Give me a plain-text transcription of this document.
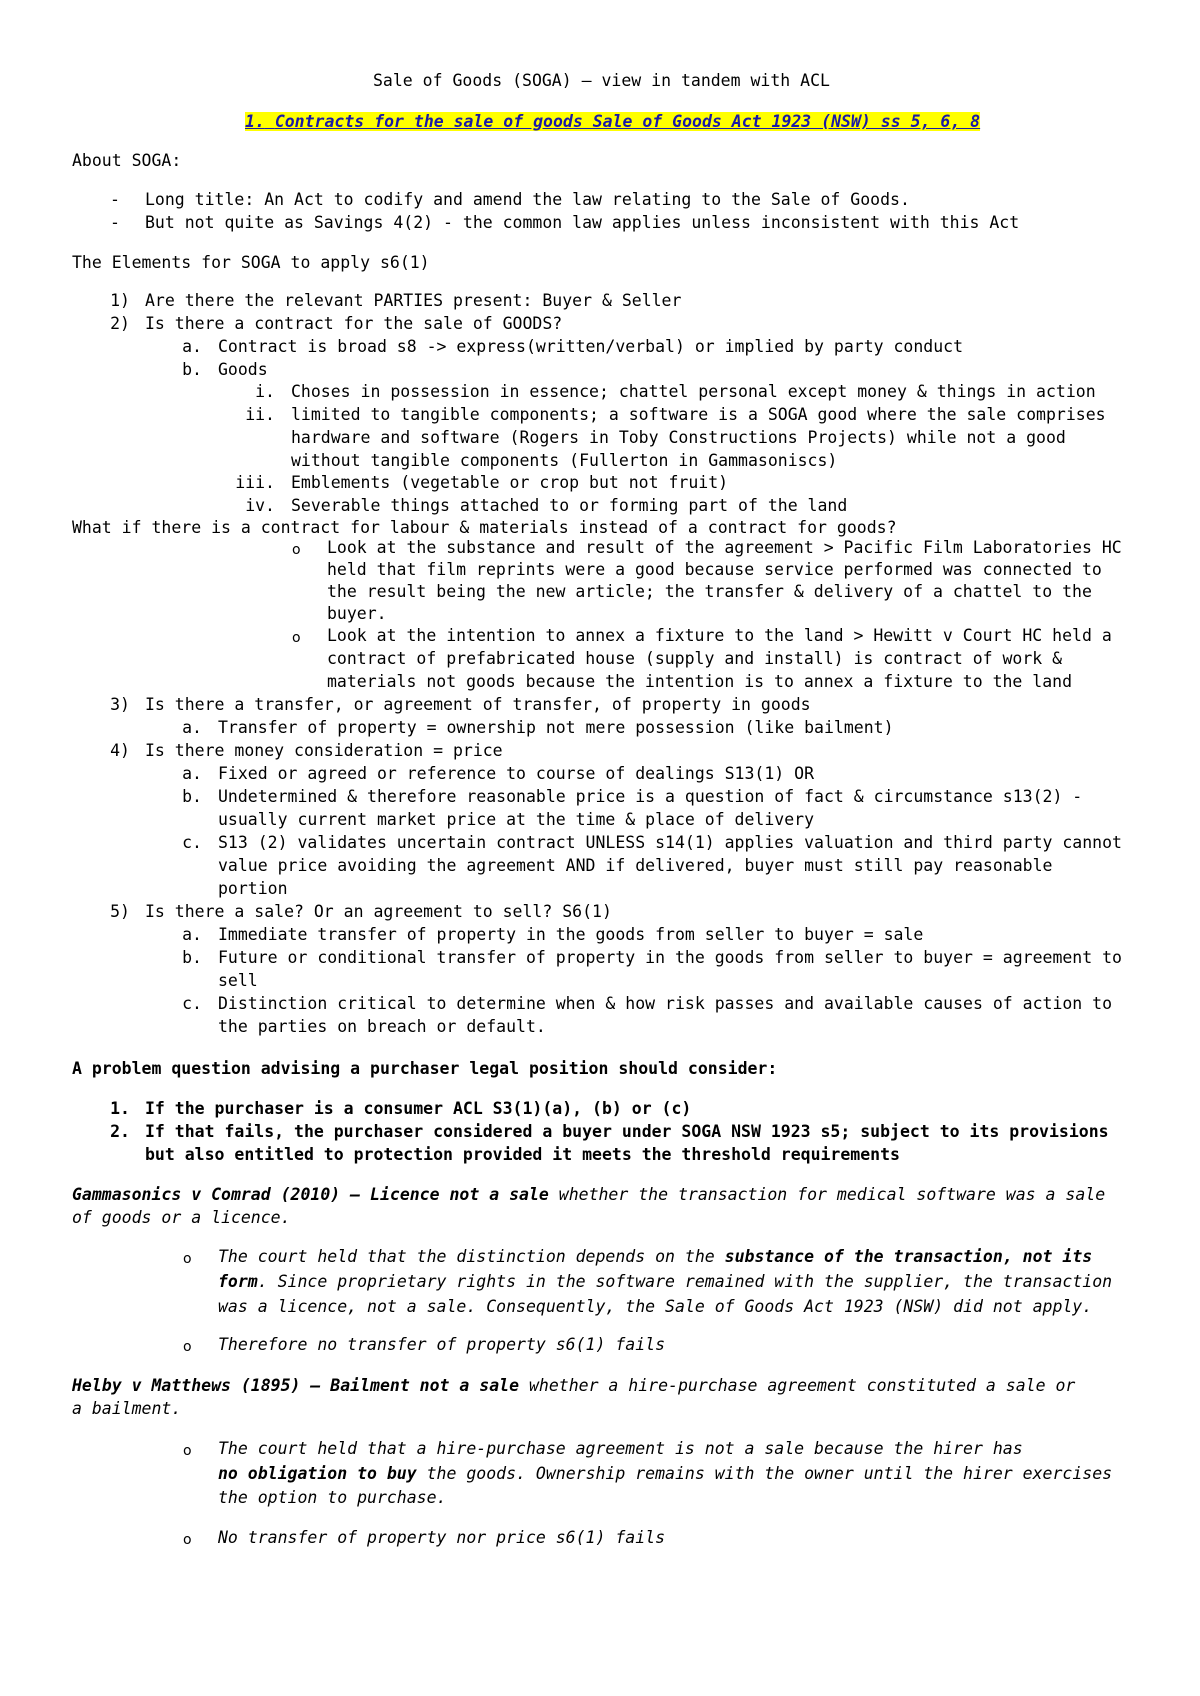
Sale of Goods (SOGA) – view in tandem with ACL
1. Contracts for the sale of goods Sale of Goods Act 1923 (NSW) ss 5, 6, 8
About SOGA:
- Long title: An Act to codify and amend the law relating to the Sale of Goods.
- But not quite as Savings 4(2) - the common law applies unless inconsistent with this Act
The Elements for SOGA to apply s6(1)
1) Are there the relevant PARTIES present: Buyer & Seller
2) Is there a contract for the sale of GOODS?
a. Contract is broad s8 -> express(written/verbal) or implied by party conduct
b. Goods
i. Choses in possession in essence; chattel personal except money & things in action
ii. limited to tangible components; a software is a SOGA good where the sale comprises
hardware and software (Rogers in Toby Constructions Projects) while not a good
without tangible components (Fullerton in Gammasoniscs)
iii. Emblements (vegetable or crop but not fruit)
iv. Severable things attached to or forming part of the land
What if there is a contract for labour & materials instead of a contract for goods?
o Look at the substance and result of the agreement > Pacific Film Laboratories HC
held that film reprints were a good because service performed was connected to
the result being the new article; the transfer & delivery of a chattel to the
buyer.
o Look at the intention to annex a fixture to the land > Hewitt v Court HC held a
contract of prefabricated house (supply and install) is contract of work &
materials not goods because the intention is to annex a fixture to the land
3) Is there a transfer, or agreement of transfer, of property in goods
a. Transfer of property = ownership not mere possession (like bailment)
4) Is there money consideration = price
a. Fixed or agreed or reference to course of dealings S13(1) OR
b. Undetermined & therefore reasonable price is a question of fact & circumstance s13(2) -
usually current market price at the time & place of delivery
c. S13 (2) validates uncertain contract UNLESS s14(1) applies valuation and third party cannot
value price avoiding the agreement AND if delivered, buyer must still pay reasonable
portion
5) Is there a sale? Or an agreement to sell? S6(1)
a. Immediate transfer of property in the goods from seller to buyer = sale
b. Future or conditional transfer of property in the goods from seller to buyer = agreement to
sell
c. Distinction critical to determine when & how risk passes and available causes of action to
the parties on breach or default.
A problem question advising a purchaser legal position should consider:
1. If the purchaser is a consumer ACL S3(1)(a), (b) or (c)
2. If that fails, the purchaser considered a buyer under SOGA NSW 1923 s5; subject to its provisions
but also entitled to protection provided it meets the threshold requirements
Gammasonics v Comrad (2010) – Licence not a sale whether the transaction for medical software was a sale
of goods or a licence.
o The court held that the distinction depends on the substance of the transaction, not its
form. Since proprietary rights in the software remained with the supplier, the transaction
was a licence, not a sale. Consequently, the Sale of Goods Act 1923 (NSW) did not apply.
o Therefore no transfer of property s6(1) fails
Helby v Matthews (1895) – Bailment not a sale whether a hire-purchase agreement constituted a sale or
a bailment.
o The court held that a hire-purchase agreement is not a sale because the hirer has
no obligation to buy the goods. Ownership remains with the owner until the hirer exercises
the option to purchase.
o No transfer of property nor price s6(1) fails
